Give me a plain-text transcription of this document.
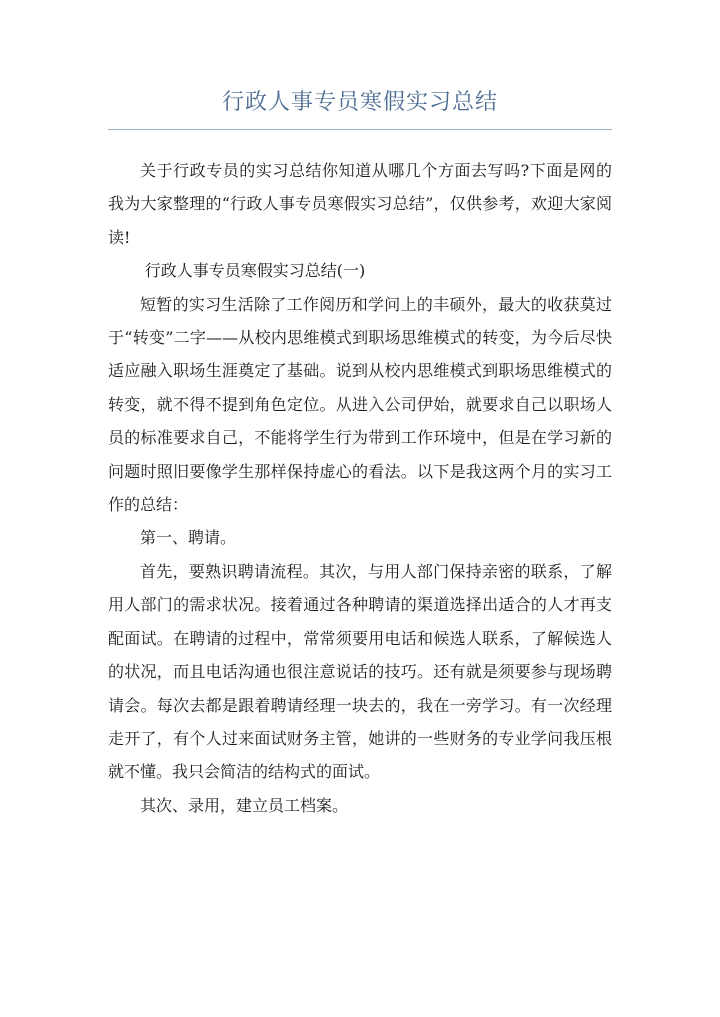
行政人事专员寒假实习总结

关于行政专员的实习总结你知道从哪几个方面去写吗?下面是网的我为大家整理的“行政人事专员寒假实习总结”，仅供参考，欢迎大家阅读!

行政人事专员寒假实习总结(一)

短暂的实习生活除了工作阅历和学问上的丰硕外，最大的收获莫过于“转变”二字——从校内思维模式到职场思维模式的转变，为今后尽快适应融入职场生涯奠定了基础。说到从校内思维模式到职场思维模式的转变，就不得不提到角色定位。从进入公司伊始，就要求自己以职场人员的标准要求自己，不能将学生行为带到工作环境中，但是在学习新的问题时照旧要像学生那样保持虚心的看法。以下是我这两个月的实习工作的总结：

第一、聘请。

首先，要熟识聘请流程。其次，与用人部门保持亲密的联系，了解用人部门的需求状况。接着通过各种聘请的渠道选择出适合的人才再支配面试。在聘请的过程中，常常须要用电话和候选人联系，了解候选人的状况，而且电话沟通也很注意说话的技巧。还有就是须要参与现场聘请会。每次去都是跟着聘请经理一块去的，我在一旁学习。有一次经理走开了，有个人过来面试财务主管，她讲的一些财务的专业学问我压根就不懂。我只会简洁的结构式的面试。

其次、录用，建立员工档案。
